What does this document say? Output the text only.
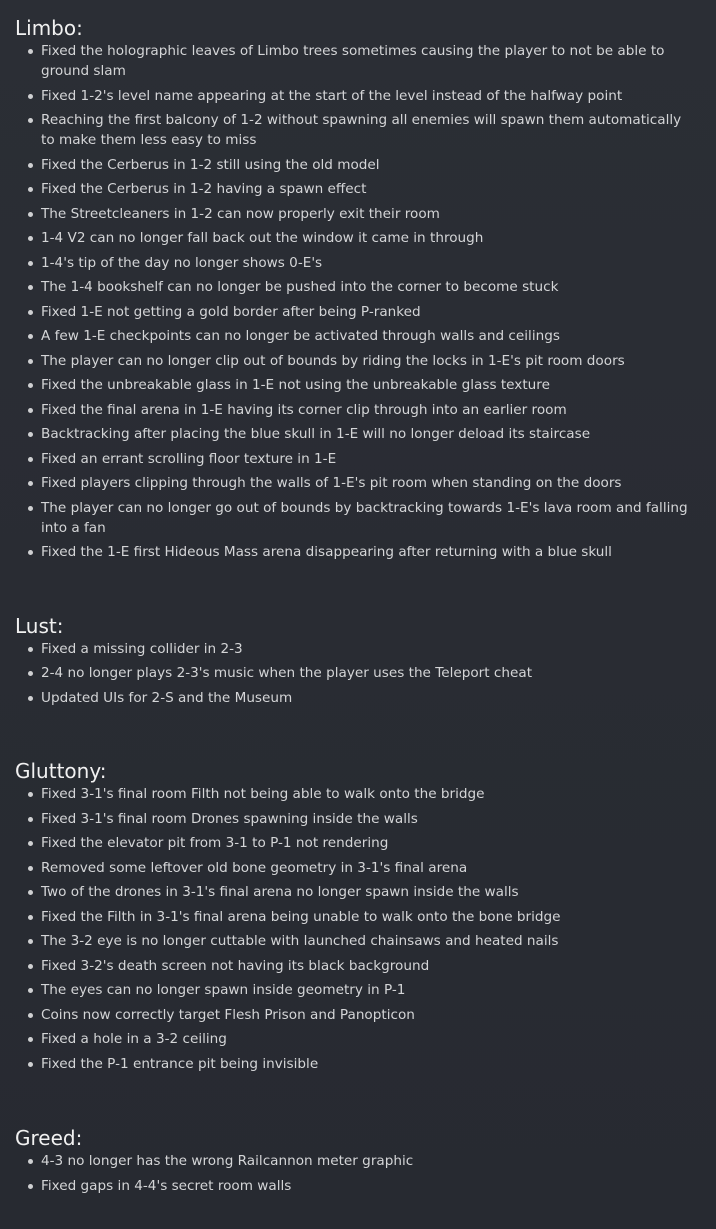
Limbo:
Fixed the holographic leaves of Limbo trees sometimes causing the player to not be able to ground slam
Fixed 1-2's level name appearing at the start of the level instead of the halfway point
Reaching the first balcony of 1-2 without spawning all enemies will spawn them automatically to make them less easy to miss
Fixed the Cerberus in 1-2 still using the old model
Fixed the Cerberus in 1-2 having a spawn effect
The Streetcleaners in 1-2 can now properly exit their room
1-4 V2 can no longer fall back out the window it came in through
1-4's tip of the day no longer shows 0-E's
The 1-4 bookshelf can no longer be pushed into the corner to become stuck
Fixed 1-E not getting a gold border after being P-ranked
A few 1-E checkpoints can no longer be activated through walls and ceilings
The player can no longer clip out of bounds by riding the locks in 1-E's pit room doors
Fixed the unbreakable glass in 1-E not using the unbreakable glass texture
Fixed the final arena in 1-E having its corner clip through into an earlier room
Backtracking after placing the blue skull in 1-E will no longer deload its staircase
Fixed an errant scrolling floor texture in 1-E
Fixed players clipping through the walls of 1-E's pit room when standing on the doors
The player can no longer go out of bounds by backtracking towards 1-E's lava room and falling into a fan
Fixed the 1-E first Hideous Mass arena disappearing after returning with a blue skull
Lust:
Fixed a missing collider in 2-3
2-4 no longer plays 2-3's music when the player uses the Teleport cheat
Updated UIs for 2-S and the Museum
Gluttony:
Fixed 3-1's final room Filth not being able to walk onto the bridge
Fixed 3-1's final room Drones spawning inside the walls
Fixed the elevator pit from 3-1 to P-1 not rendering
Removed some leftover old bone geometry in 3-1's final arena
Two of the drones in 3-1's final arena no longer spawn inside the walls
Fixed the Filth in 3-1's final arena being unable to walk onto the bone bridge
The 3-2 eye is no longer cuttable with launched chainsaws and heated nails
Fixed 3-2's death screen not having its black background
The eyes can no longer spawn inside geometry in P-1
Coins now correctly target Flesh Prison and Panopticon
Fixed a hole in a 3-2 ceiling
Fixed the P-1 entrance pit being invisible
Greed:
4-3 no longer has the wrong Railcannon meter graphic
Fixed gaps in 4-4's secret room walls
